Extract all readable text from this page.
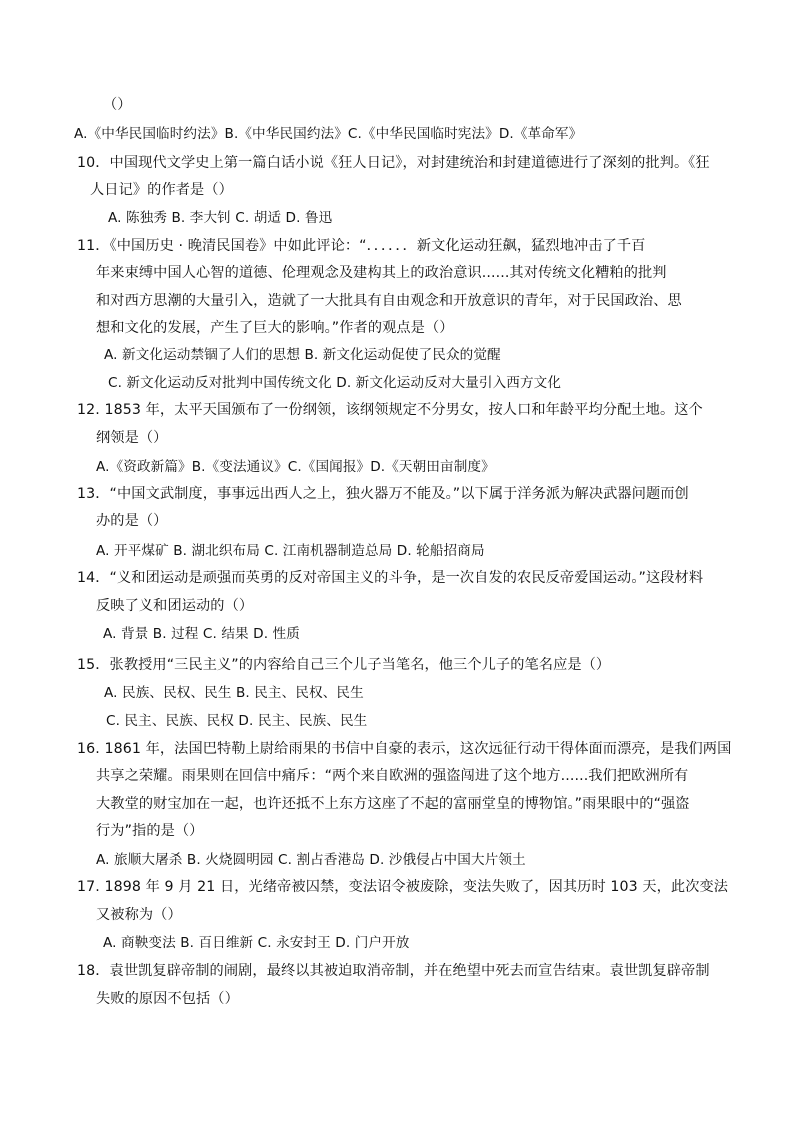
（）
A.《中华民国临时约法》B.《中华民国约法》C.《中华民国临时宪法》D.《革命军》
10．中国现代文学史上第一篇白话小说《狂人日记》，对封建统治和封建道德进行了深刻的批判。《狂
人日记》的作者是（）
A. 陈独秀 B. 李大钊 C. 胡适 D. 鲁迅
11．《中国历史 · 晚清民国卷》中如此评论：“．．．．．．新文化运动狂飙，猛烈地冲击了千百
年来束缚中国人心智的道德、伦理观念及建构其上的政治意识......其对传统文化糟粕的批判
和对西方思潮的大量引入，造就了一大批具有自由观念和开放意识的青年，对于民国政治、思
想和文化的发展，产生了巨大的影响。”作者的观点是（）
A. 新文化运动禁锢了人们的思想 B. 新文化运动促使了民众的觉醒
C. 新文化运动反对批判中国传统文化 D. 新文化运动反对大量引入西方文化
12. 1853 年，太平天国颁布了一份纲领，该纲领规定不分男女，按人口和年龄平均分配土地。这个
纲领是（）
A.《资政新篇》B.《变法通议》C.《国闻报》D.《天朝田亩制度》
13．“中国文武制度，事事远出西人之上，独火器万不能及。”以下属于洋务派为解决武器问题而创
办的是（）
A. 开平煤矿 B. 湖北织布局 C. 江南机器制造总局 D. 轮船招商局
14．“义和团运动是顽强而英勇的反对帝国主义的斗争，是一次自发的农民反帝爱国运动。”这段材料
反映了义和团运动的（）
A. 背景 B. 过程 C. 结果 D. 性质
15．张教授用“三民主义”的内容给自己三个儿子当笔名，他三个儿子的笔名应是（）
A. 民族、民权、民生 B. 民主、民权、民生
C. 民主、民族、民权 D. 民主、民族、民生
16. 1861 年，法国巴特勒上尉给雨果的书信中自豪的表示，这次远征行动干得体面而漂亮，是我们两国
共享之荣耀。雨果则在回信中痛斥：“两个来自欧洲的强盗闯进了这个地方......我们把欧洲所有
大教堂的财宝加在一起，也许还抵不上东方这座了不起的富丽堂皇的博物馆。”雨果眼中的“强盗
行为”指的是（）
A. 旅顺大屠杀 B. 火烧圆明园 C. 割占香港岛 D. 沙俄侵占中国大片领土
17. 1898 年 9 月 21 日，光绪帝被囚禁，变法诏令被废除，变法失败了，因其历时 103 天，此次变法
又被称为（）
A. 商鞅变法 B. 百日维新 C. 永安封王 D. 门户开放
18．袁世凯复辟帝制的闹剧，最终以其被迫取消帝制，并在绝望中死去而宣告结束。袁世凯复辟帝制
失败的原因不包括（）
